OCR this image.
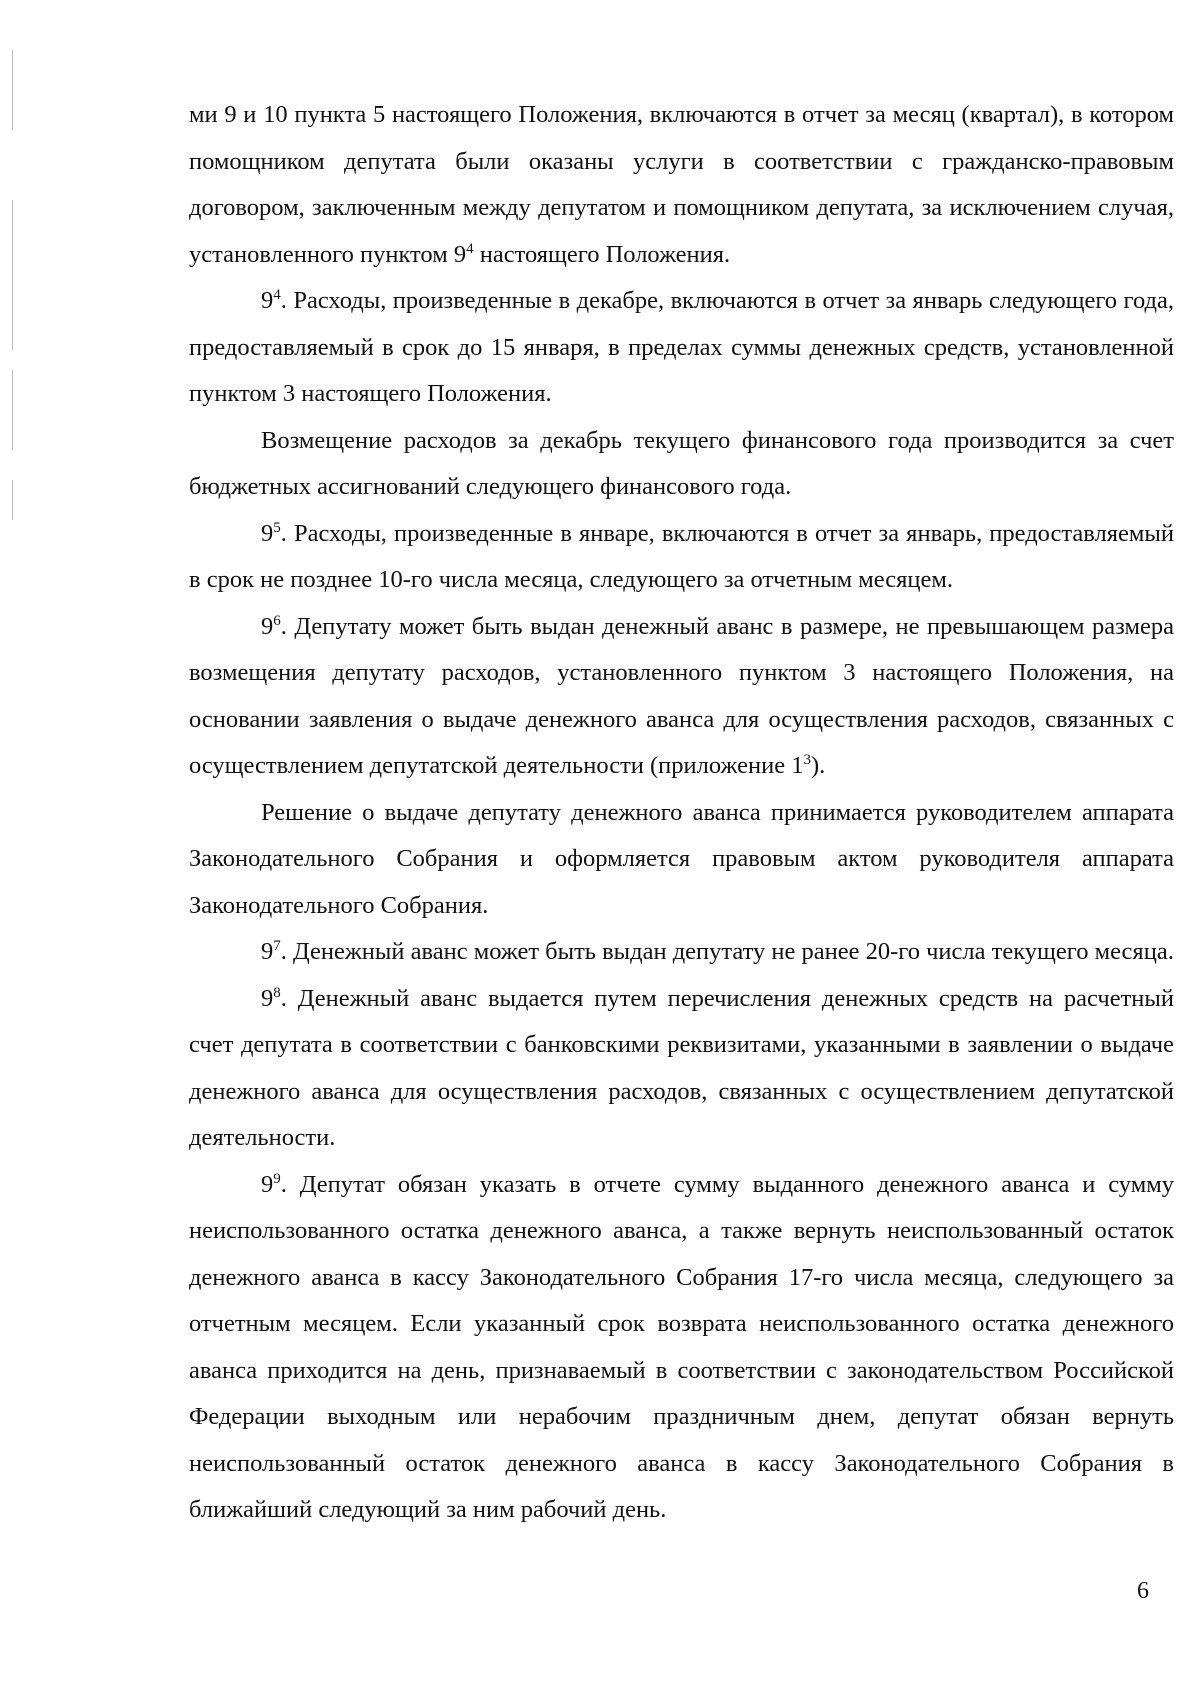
ми 9 и 10 пункта 5 настоящего Положения, включаются в отчет за месяц (квартал), в котором помощником депутата были оказаны услуги в соответствии с гражданско-правовым договором, заключенным между депутатом и помощником депутата, за исключением случая, установленного пунктом $9^4$ настоящего Положения.

$9^4$. Расходы, произведенные в декабре, включаются в отчет за январь следующего года, предоставляемый в срок до 15 января, в пределах суммы денежных средств, установленной пунктом 3 настоящего Положения.

Возмещение расходов за декабрь текущего финансового года производится за счет бюджетных ассигнований следующего финансового года.

$9^5$. Расходы, произведенные в январе, включаются в отчет за январь, предоставляемый в срок не позднее 10-го числа месяца, следующего за отчетным месяцем.

$9^6$. Депутату может быть выдан денежный аванс в размере, не превышающем размера возмещения депутату расходов, установленного пунктом 3 настоящего Положения, на основании заявления о выдаче денежного аванса для осуществления расходов, связанных с осуществлением депутатской деятельности (приложение $1^3$).

Решение о выдаче депутату денежного аванса принимается руководителем аппарата Законодательного Собрания и оформляется правовым актом руководителя аппарата Законодательного Собрания.

$9^7$. Денежный аванс может быть выдан депутату не ранее 20-го числа текущего месяца.

$9^8$. Денежный аванс выдается путем перечисления денежных средств на расчетный счет депутата в соответствии с банковскими реквизитами, указанными в заявлении о выдаче денежного аванса для осуществления расходов, связанных с осуществлением депутатской деятельности.

$9^9$. Депутат обязан указать в отчете сумму выданного денежного аванса и сумму неиспользованного остатка денежного аванса, а также вернуть неиспользованный остаток денежного аванса в кассу Законодательного Собрания 17-го числа месяца, следующего за отчетным месяцем. Если указанный срок возврата неиспользованного остатка денежного аванса приходится на день, признаваемый в соответствии с законодательством Российской Федерации выходным или нерабочим праздничным днем, депутат обязан вернуть неиспользованный остаток денежного аванса в кассу Законодательного Собрания в ближайший следующий за ним рабочий день.

6
